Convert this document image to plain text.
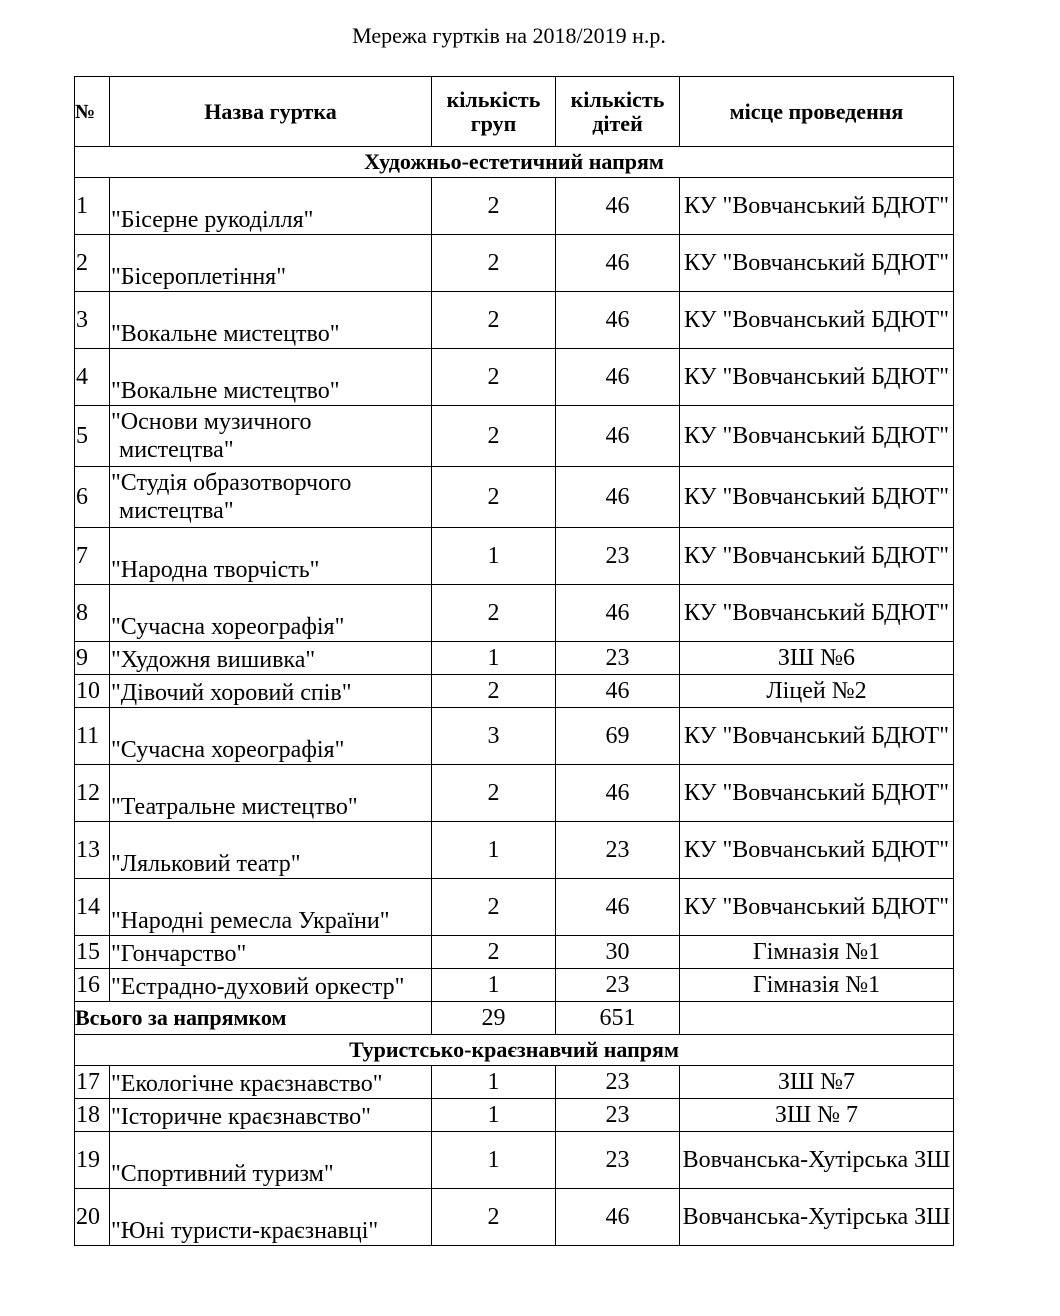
Мережа гуртків на 2018/2019 н.р.
№	Назва гуртка	кількість груп	кількість дітей	місце проведення
Художньо-естетичний напрям				
1	"Бісерне рукоділля"	2	46	КУ "Вовчанський БДЮТ"
2	"Бісероплетіння"	2	46	КУ "Вовчанський БДЮТ"
3	"Вокальне мистецтво"	2	46	КУ "Вовчанський БДЮТ"
4	"Вокальне мистецтво"	2	46	КУ "Вовчанський БДЮТ"
5	"Основи музичного мистецтва"	2	46	КУ "Вовчанський БДЮТ"
6	"Студія образотворчого мистецтва"	2	46	КУ "Вовчанський БДЮТ"
7	"Народна творчість"	1	23	КУ "Вовчанський БДЮТ"
8	"Сучасна хореографія"	2	46	КУ "Вовчанський БДЮТ"
9	"Художня вишивка"	1	23	ЗШ №6
10	"Дівочий хоровий спів"	2	46	Ліцей №2
11	"Сучасна хореографія"	3	69	КУ "Вовчанський БДЮТ"
12	"Театральне мистецтво"	2	46	КУ "Вовчанський БДЮТ"
13	"Ляльковий театр"	1	23	КУ "Вовчанський БДЮТ"
14	"Народні ремесла України"	2	46	КУ "Вовчанський БДЮТ"
15	"Гончарство"	2	30	Гімназія №1
16	"Естрадно-духовий оркестр"	1	23	Гімназія №1
Всього за напрямком		29	651	
Туристсько-краєзнавчий напрям				
17	"Екологічне краєзнавство"	1	23	ЗШ №7
18	"Історичне краєзнавство"	1	23	ЗШ № 7
19	"Спортивний туризм"	1	23	Вовчанська-Хутірська ЗШ
20	"Юні туристи-краєзнавці"	2	46	Вовчанська-Хутірська ЗШ
